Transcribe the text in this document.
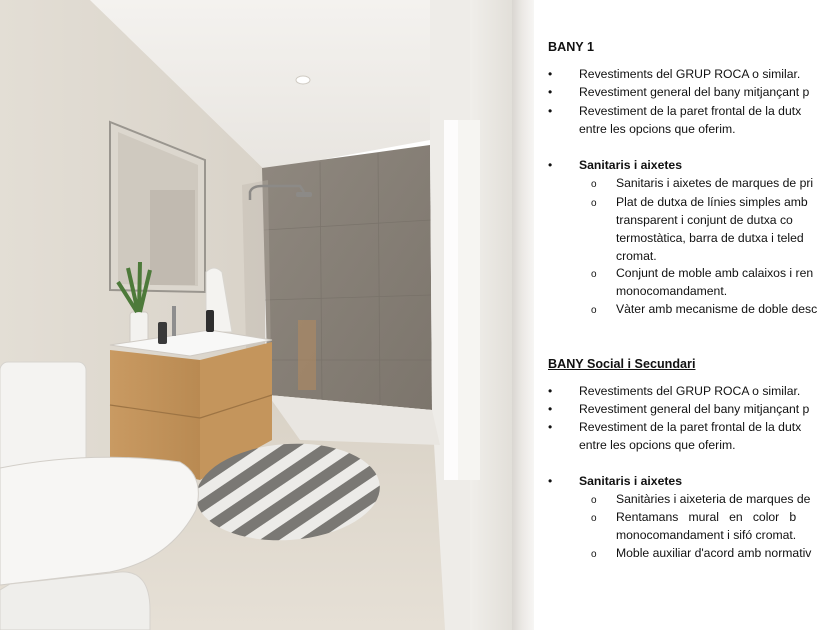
BANY 1
• Revestiments del GRUP ROCA o similar.
• Revestiment general del bany mitjançant p
• Revestiment de la paret frontal de la dutx
entre les opcions que oferim.
• Sanitaris i aixetes
o Sanitaris i aixetes de marques de pri
o Plat de dutxa de línies simples amb
transparent i conjunt de dutxa co
termostàtica, barra de dutxa i teled
cromat.
o Conjunt de moble amb calaixos i ren
monocomandament.
o Vàter amb mecanisme de doble desc
BANY Social i Secundari
• Revestiments del GRUP ROCA o similar.
• Revestiment general del bany mitjançant p
• Revestiment de la paret frontal de la dutx
entre les opcions que oferim.
• Sanitaris i aixetes
o Sanitàries i aixeteria de marques de
o Rentamans   mural   en   color   b
monocomandament i sifó cromat.
o Moble auxiliar d'acord amb normativ
